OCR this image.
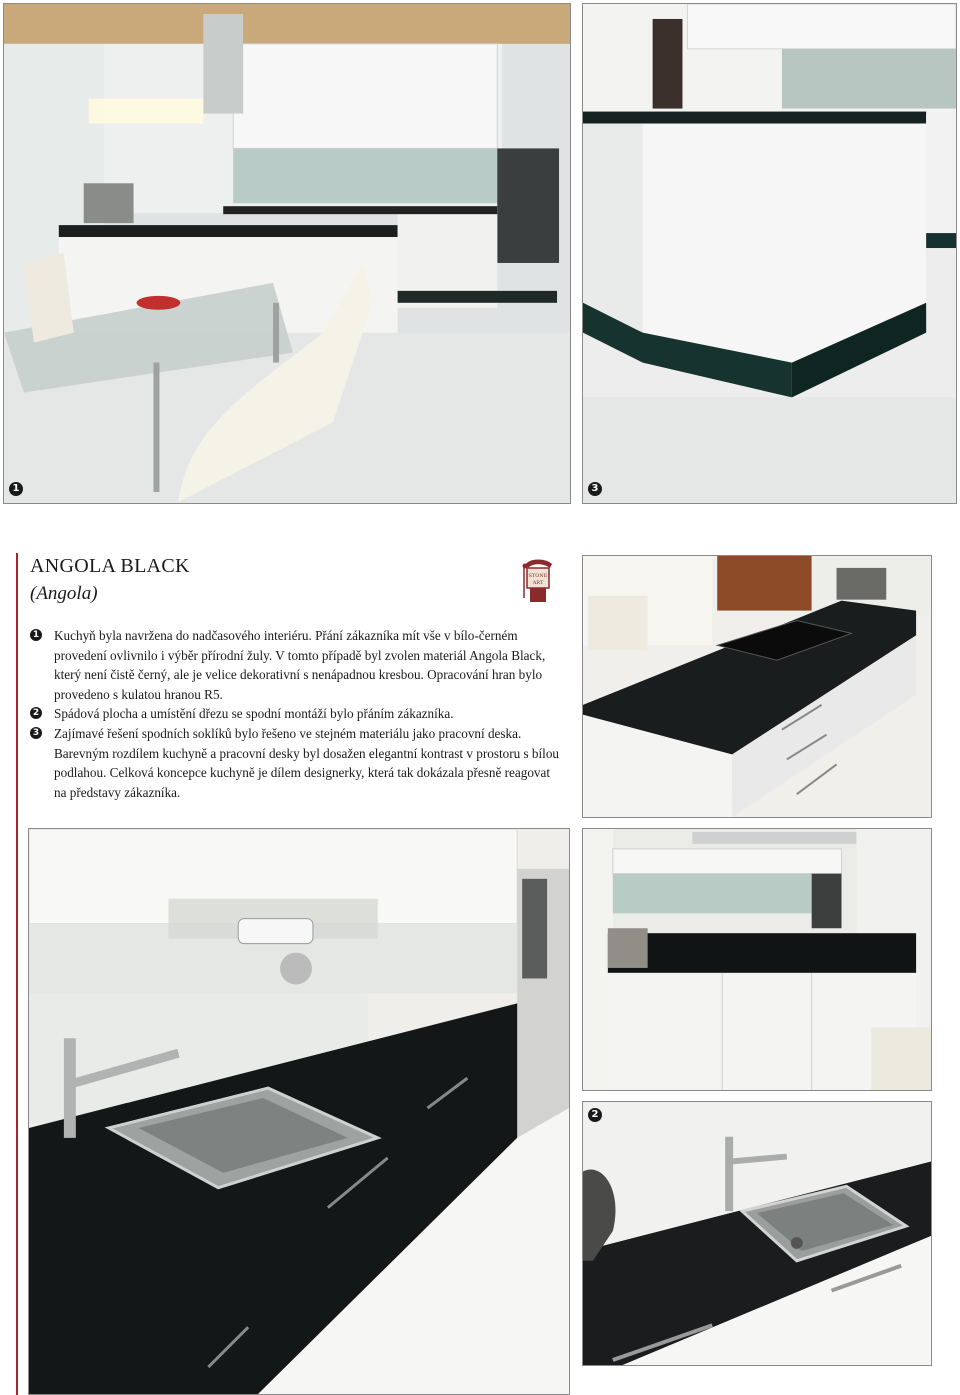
1	3
ANGOLA BLACK
(Angola)
STONE
ART
1 Kuchyň byla navržena do nadčasového interiéru. Přání zákazníka mít vše v bílo-černém provedení ovlivnilo i výběr přírodní žuly. V tomto případě byl zvolen materiál Angola Black, který není čistě černý, ale je velice dekorativní s nenápadnou kresbou. Opracování hran bylo provedeno s kulatou hranou R5.
2 Spádová plocha a umístění dřezu se spodní montáží bylo přáním zákazníka.
3 Zajímavé řešení spodních soklíků bylo řešeno ve stejném materiálu jako pracovní deska. Barevným rozdílem kuchyně a pracovní desky byl dosažen elegantní kontrast v prostoru s bílou podlahou. Celková koncepce kuchyně je dílem designerky, která tak dokázala přesně reagovat na představy zákazníka.
2
